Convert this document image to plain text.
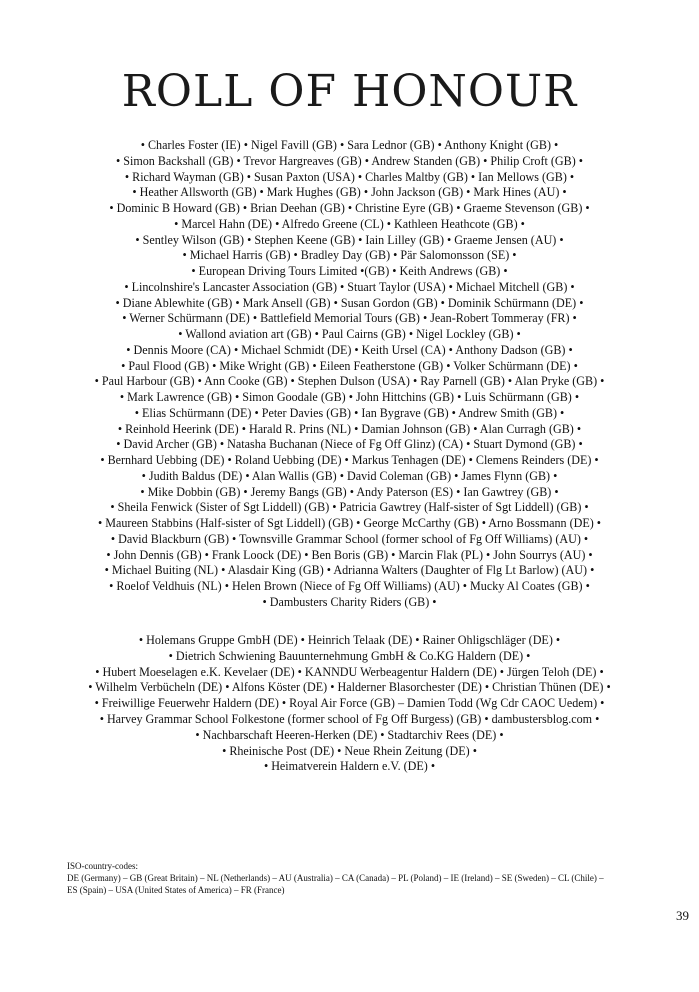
ROLL OF HONOUR
• Charles Foster (IE) • Nigel Favill (GB) • Sara Lednor (GB) • Anthony Knight (GB) •
• Simon Backshall (GB) • Trevor Hargreaves (GB) • Andrew Standen (GB) • Philip Croft (GB) •
• Richard Wayman (GB) • Susan Paxton (USA) • Charles Maltby (GB) • Ian Mellows (GB) •
• Heather Allsworth (GB) • Mark Hughes (GB) • John Jackson (GB) • Mark Hines (AU) •
• Dominic B Howard (GB) • Brian Deehan (GB) • Christine Eyre (GB) • Graeme Stevenson (GB) •
• Marcel Hahn (DE) • Alfredo Greene (CL) • Kathleen Heathcote (GB) •
• Sentley Wilson (GB) • Stephen Keene (GB) • Iain Lilley (GB) • Graeme Jensen (AU) •
• Michael Harris (GB) • Bradley Day (GB) • Pär Salomonsson (SE) •
• European Driving Tours Limited •(GB) • Keith Andrews (GB) •
• Lincolnshire's Lancaster Association (GB) • Stuart Taylor (USA) • Michael Mitchell (GB) •
• Diane Ablewhite (GB) • Mark Ansell (GB) • Susan Gordon (GB) • Dominik Schürmann (DE) •
• Werner Schürmann (DE) • Battlefield Memorial Tours (GB) • Jean-Robert Tommeray (FR) •
• Wallond aviation art (GB) • Paul Cairns (GB) • Nigel Lockley (GB) •
• Dennis Moore (CA) • Michael Schmidt (DE) • Keith Ursel (CA) • Anthony Dadson (GB) •
• Paul Flood (GB) • Mike Wright (GB) • Eileen Featherstone (GB) • Volker Schürmann (DE) •
• Paul Harbour (GB) • Ann Cooke (GB) • Stephen Dulson (USA) • Ray Parnell (GB) • Alan Pryke (GB) •
• Mark Lawrence (GB) • Simon Goodale (GB) • John Hittchins (GB) • Luis Schürmann (GB) •
• Elias Schürmann (DE) • Peter Davies (GB) • Ian Bygrave (GB) • Andrew Smith (GB) •
• Reinhold Heerink (DE) • Harald R. Prins (NL) • Damian Johnson (GB) • Alan Curragh (GB) •
• David Archer (GB) • Natasha Buchanan (Niece of Fg Off Glinz) (CA) • Stuart Dymond (GB) •
• Bernhard Uebbing (DE) • Roland Uebbing (DE) • Markus Tenhagen (DE) • Clemens Reinders (DE) •
• Judith Baldus (DE) • Alan Wallis (GB) • David Coleman (GB) • James Flynn (GB) •
• Mike Dobbin (GB) • Jeremy Bangs (GB) • Andy Paterson (ES) • Ian Gawtrey (GB) •
• Sheila Fenwick (Sister of Sgt Liddell) (GB) • Patricia Gawtrey (Half-sister of Sgt Liddell) (GB) •
• Maureen Stabbins (Half-sister of Sgt Liddell) (GB) • George McCarthy (GB) • Arno Bossmann (DE) •
• David Blackburn (GB) • Townsville Grammar School (former school of Fg Off Williams) (AU) •
• John Dennis (GB) • Frank Loock (DE) • Ben Boris (GB) • Marcin Flak (PL) • John Sourrys (AU) •
• Michael Buiting (NL) • Alasdair King (GB) • Adrianna Walters (Daughter of Flg Lt Barlow) (AU) •
• Roelof Veldhuis (NL) • Helen Brown (Niece of Fg Off Williams) (AU) • Mucky Al Coates (GB) •
• Dambusters Charity Riders (GB) •
• Holemans Gruppe GmbH (DE) • Heinrich Telaak (DE) • Rainer Ohligschläger (DE) •
• Dietrich Schwiening Bauunternehmung GmbH & Co.KG Haldern (DE) •
• Hubert Moeselagen e.K. Kevelaer (DE) • KANNDU Werbeagentur Haldern (DE) • Jürgen Teloh (DE) •
• Wilhelm Verbücheln (DE) • Alfons Köster (DE) • Halderner Blasorchester (DE) • Christian Thünen (DE) •
• Freiwillige Feuerwehr Haldern (DE) • Royal Air Force (GB) – Damien Todd (Wg Cdr CAOC Uedem) •
• Harvey Grammar School Folkestone (former school of Fg Off Burgess) (GB) • dambustersblog.com •
• Nachbarschaft Heeren-Herken (DE) • Stadtarchiv Rees (DE) •
• Rheinische Post (DE) • Neue Rhein Zeitung (DE) •
• Heimatverein Haldern e.V. (DE) •
ISO-country-codes:
DE (Germany) – GB (Great Britain) – NL (Netherlands) – AU (Australia) – CA (Canada) – PL (Poland) – IE (Ireland) – SE (Sweden) – CL (Chile) –
ES (Spain) – USA (United States of America) – FR (France)
39
